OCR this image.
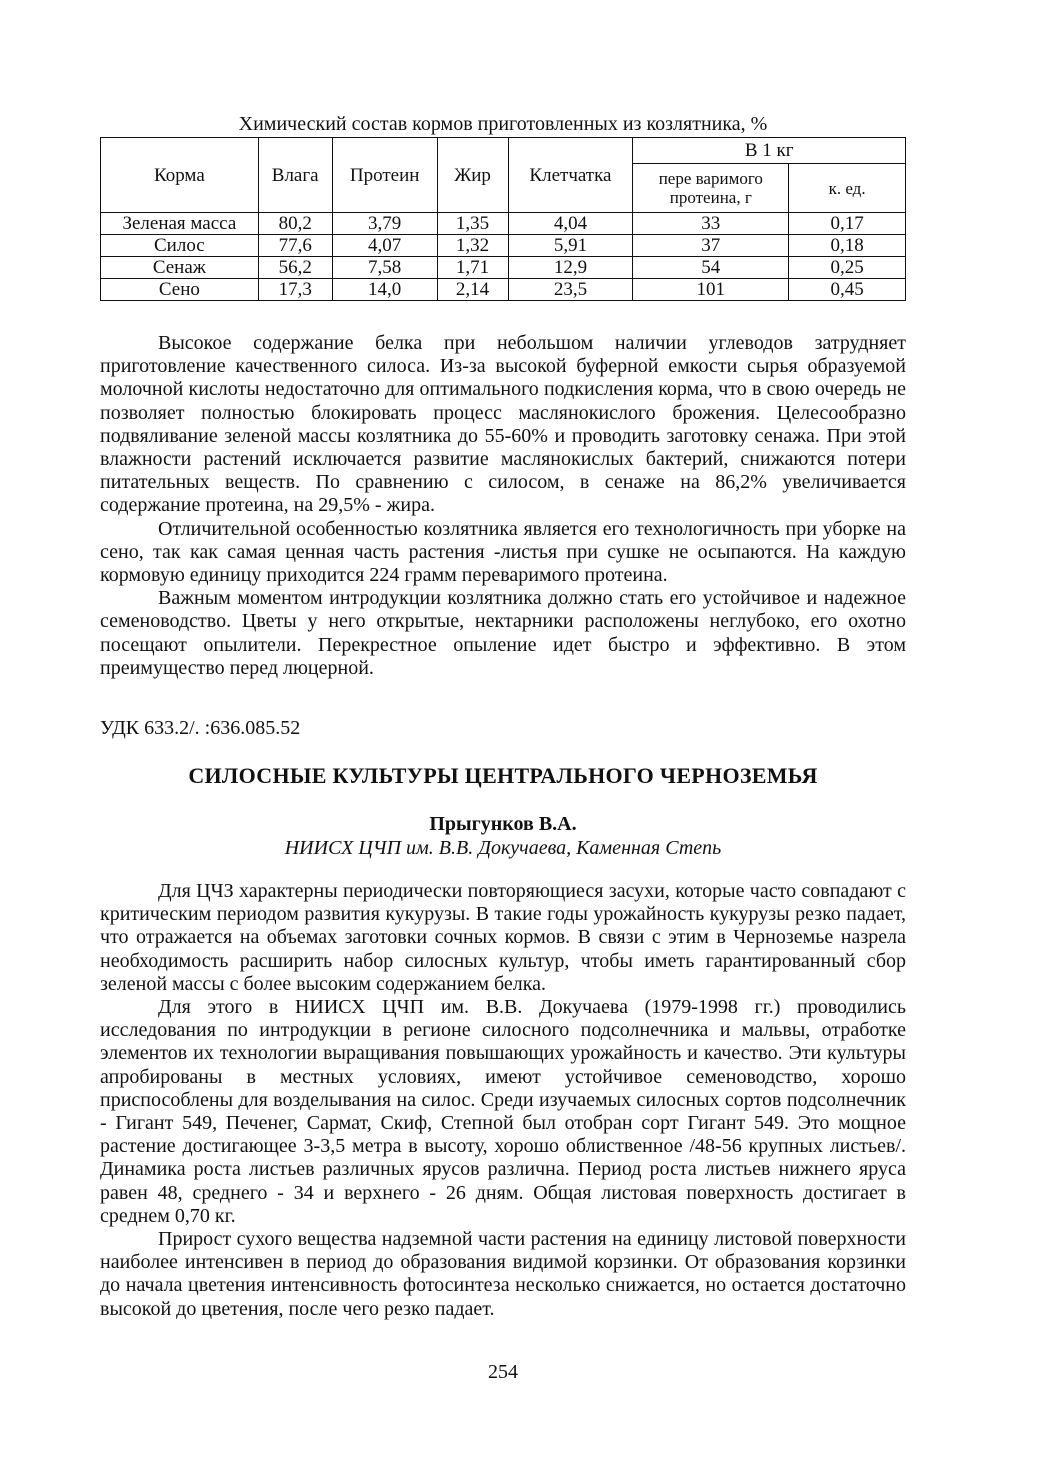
Химический состав кормов приготовленных из козлятника, %
Корма	Влага	Протеин	Жир	Клетчатка	В 1 кг	
					пере варимого протеина, г	к. ед.
Зеленая масса	80,2	3,79	1,35	4,04	33	0,17
Силос	77,6	4,07	1,32	5,91	37	0,18
Сенаж	56,2	7,58	1,71	12,9	54	0,25
Сено	17,3	14,0	2,14	23,5	101	0,45

Высокое содержание белка при небольшом наличии углеводов затрудняет приготовление качественного силоса. Из-за высокой буферной емкости сырья образуемой молочной кислоты недостаточно для оптимального подкисления корма, что в свою очередь не позволяет полностью блокировать процесс маслянокислого брожения. Целесообразно подвяливание зеленой массы козлятника до 55-60% и проводить заготовку сенажа. При этой влажности растений исключается развитие маслянокислых бактерий, снижаются потери питательных веществ. По сравнению с силосом, в сенаже на 86,2% увеличивается содержание протеина, на 29,5% - жира.

Отличительной особенностью козлятника является его технологичность при уборке на сено, так как самая ценная часть растения -листья при сушке не осыпаются. На каждую кормовую единицу приходится 224 грамм переваримого протеина.

Важным моментом интродукции козлятника должно стать его устойчивое и надежное семеноводство. Цветы у него открытые, нектарники расположены неглубоко, его охотно посещают опылители. Перекрестное опыление идет быстро и эффективно. В этом преимущество перед люцерной.

УДК 633.2/. :636.085.52
СИЛОСНЫЕ КУЛЬТУРЫ ЦЕНТРАЛЬНОГО ЧЕРНОЗЕМЬЯ
Прыгунков В.А.
НИИСХ ЦЧП им. В.В. Докучаева, Каменная Степь

Для ЦЧЗ характерны периодически повторяющиеся засухи, которые часто совпадают с критическим периодом развития кукурузы. В такие годы урожайность кукурузы резко падает, что отражается на объемах заготовки сочных кормов. В связи с этим в Черноземье назрела необходимость расширить набор силосных культур, чтобы иметь гарантированный сбор зеленой массы с более высоким содержанием белка.

Для этого в НИИСХ ЦЧП им. В.В. Докучаева (1979-1998 гг.) проводились исследования по интродукции в регионе силосного подсолнечника и мальвы, отработке элементов их технологии выращивания повышающих урожайность и качество. Эти культуры апробированы в местных условиях, имеют устойчивое семеноводство, хорошо приспособлены для возделывания на силос. Среди изучаемых силосных сортов подсолнечник - Гигант 549, Печенег, Сармат, Скиф, Степной был отобран сорт Гигант 549. Это мощное растение достигающее 3-3,5 метра в высоту, хорошо облиственное /48-56 крупных листьев/. Динамика роста листьев различных ярусов различна. Период роста листьев нижнего яруса равен 48, среднего - 34 и верхнего - 26 дням. Общая листовая поверхность достигает в среднем 0,70 кг.

Прирост сухого вещества надземной части растения на единицу листовой поверхности наиболее интенсивен в период до образования видимой корзинки. От образования корзинки до начала цветения интенсивность фотосинтеза несколько снижается, но остается достаточно высокой до цветения, после чего резко падает.

254
